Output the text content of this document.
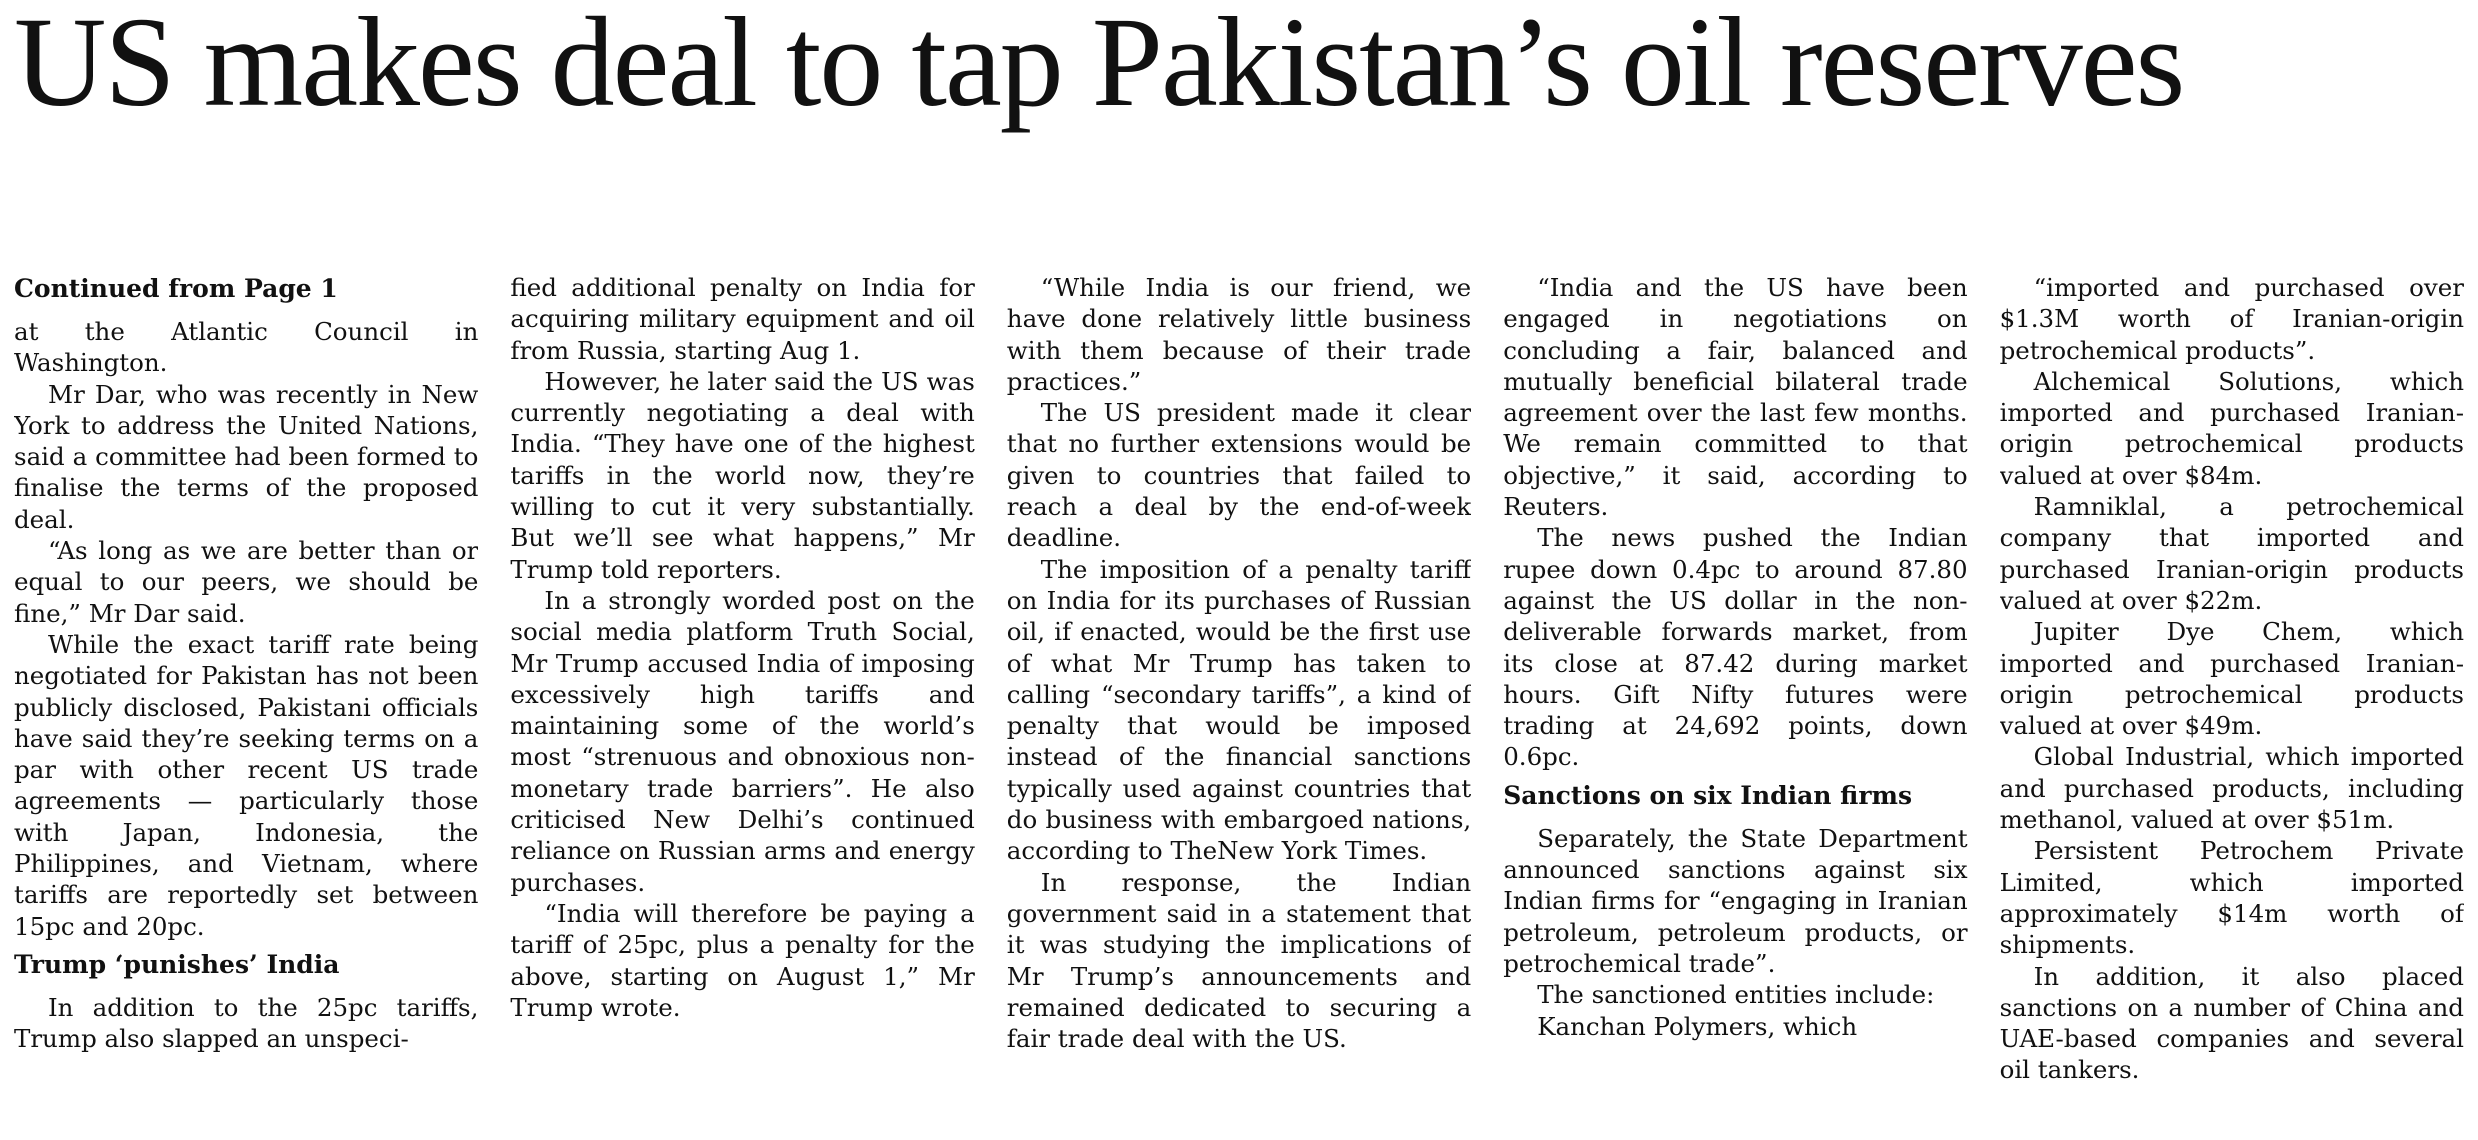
US makes deal to tap Pakistan’s oil reserves
Continued from Page 1

at the Atlantic Council in Washington.

Mr Dar, who was recently in New York to address the United Nations, said a committee had been formed to finalise the terms of the proposed deal.

“As long as we are better than or equal to our peers, we should be fine,” Mr Dar said.

While the exact tariff rate being negotiated for Pakistan has not been publicly disclosed, Pakistani officials have said they’re seeking terms on a par with other recent US trade agreements — particularly those with Japan, Indonesia, the Philippines, and Vietnam, where tariffs are reportedly set between 15pc and 20pc.

Trump ‘punishes’ India

In addition to the 25pc tariffs, Trump also slapped an unspeci-

fied additional penalty on India for acquiring military equipment and oil from Russia, starting Aug 1.

However, he later said the US was currently negotiating a deal with India. “They have one of the highest tariffs in the world now, they’re willing to cut it very substantially. But we’ll see what happens,” Mr Trump told reporters.

In a strongly worded post on the social media platform Truth Social, Mr Trump accused India of imposing excessively high tariffs and maintaining some of the world’s most “strenuous and obnoxious non-monetary trade barriers”. He also criticised New Delhi’s continued reliance on Russian arms and energy purchases.

“India will therefore be paying a tariff of 25pc, plus a penalty for the above, starting on August 1,” Mr Trump wrote.

“While India is our friend, we have done relatively little business with them because of their trade practices.”

The US president made it clear that no further extensions would be given to countries that failed to reach a deal by the end-of-week deadline.

The imposition of a penalty tariff on India for its purchases of Russian oil, if enacted, would be the first use of what Mr Trump has taken to calling “secondary tariffs”, a kind of penalty that would be imposed instead of the financial sanctions typically used against countries that do business with embargoed nations, according to TheNew York Times.

In response, the Indian government said in a statement that it was studying the implications of Mr Trump’s announcements and remained dedicated to securing a fair trade deal with the US.

“India and the US have been engaged in negotiations on concluding a fair, balanced and mutually beneficial bilateral trade agreement over the last few months. We remain committed to that objective,” it said, according to Reuters.

The news pushed the Indian rupee down 0.4pc to around 87.80 against the US dollar in the non-deliverable forwards market, from its close at 87.42 during market hours. Gift Nifty futures were trading at 24,692 points, down 0.6pc.

Sanctions on six Indian firms

Separately, the State Department announced sanctions against six Indian firms for “engaging in Iranian petroleum, petroleum products, or petrochemical trade”.

The sanctioned entities include:

Kanchan Polymers, which

“imported and purchased over $1.3M worth of Iranian-origin petrochemical products”.

Alchemical Solutions, which imported and purchased Iranian-origin petrochemical products valued at over $84m.

Ramniklal, a petrochemical company that imported and purchased Iranian-origin products valued at over $22m.

Jupiter Dye Chem, which imported and purchased Iranian-origin petrochemical products valued at over $49m.

Global Industrial, which imported and purchased products, including methanol, valued at over $51m.

Persistent Petrochem Private Limited, which imported approximately $14m worth of shipments.

In addition, it also placed sanctions on a number of China and UAE-based companies and several oil tankers.
